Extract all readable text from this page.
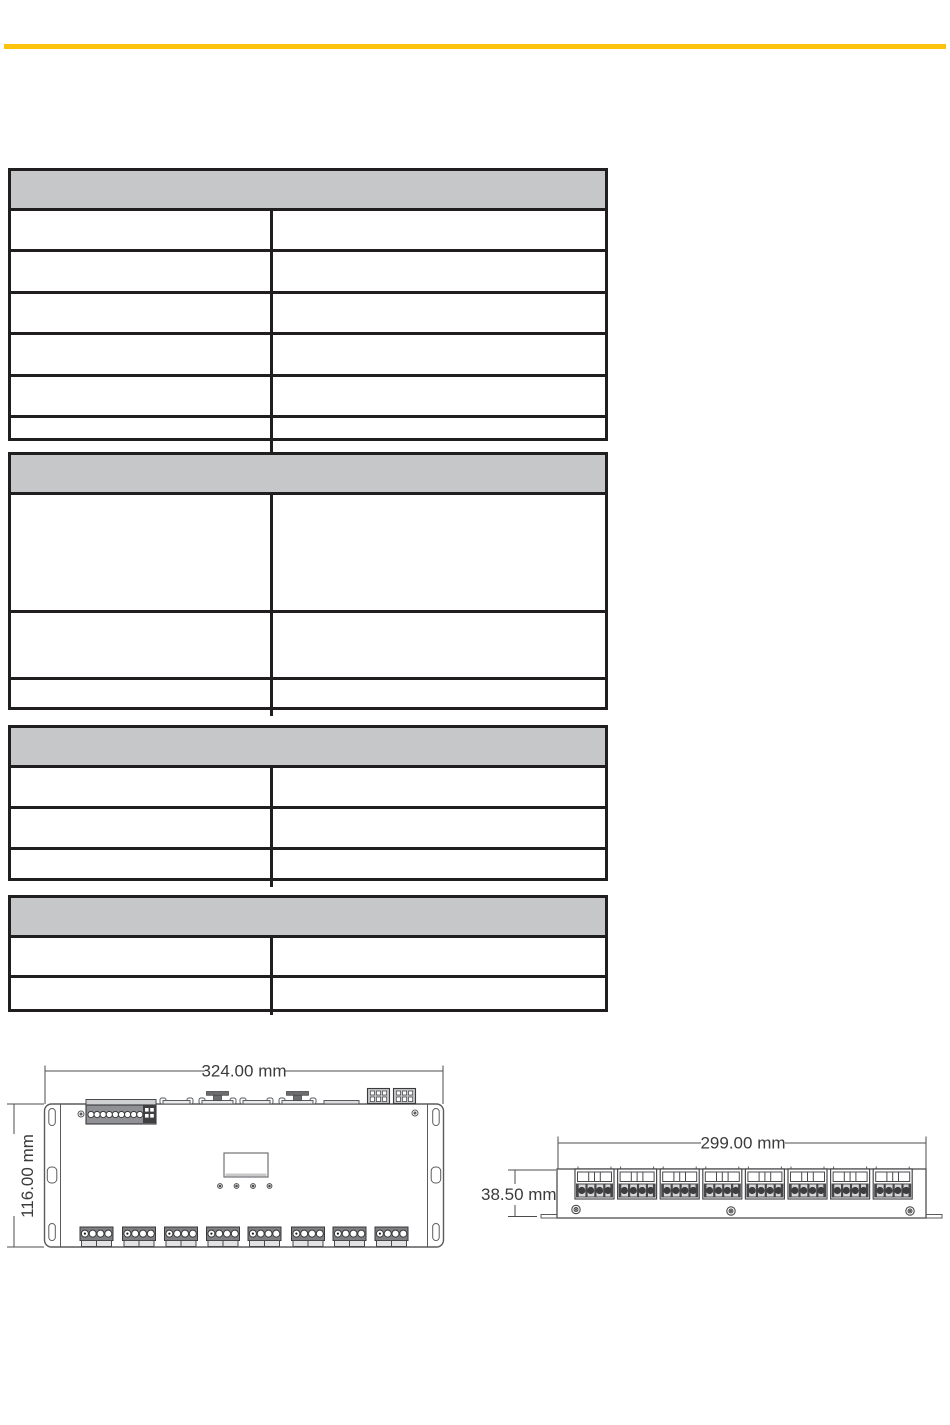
324.00 mm
116.00 mm	299.00 mm
38.50 mm
